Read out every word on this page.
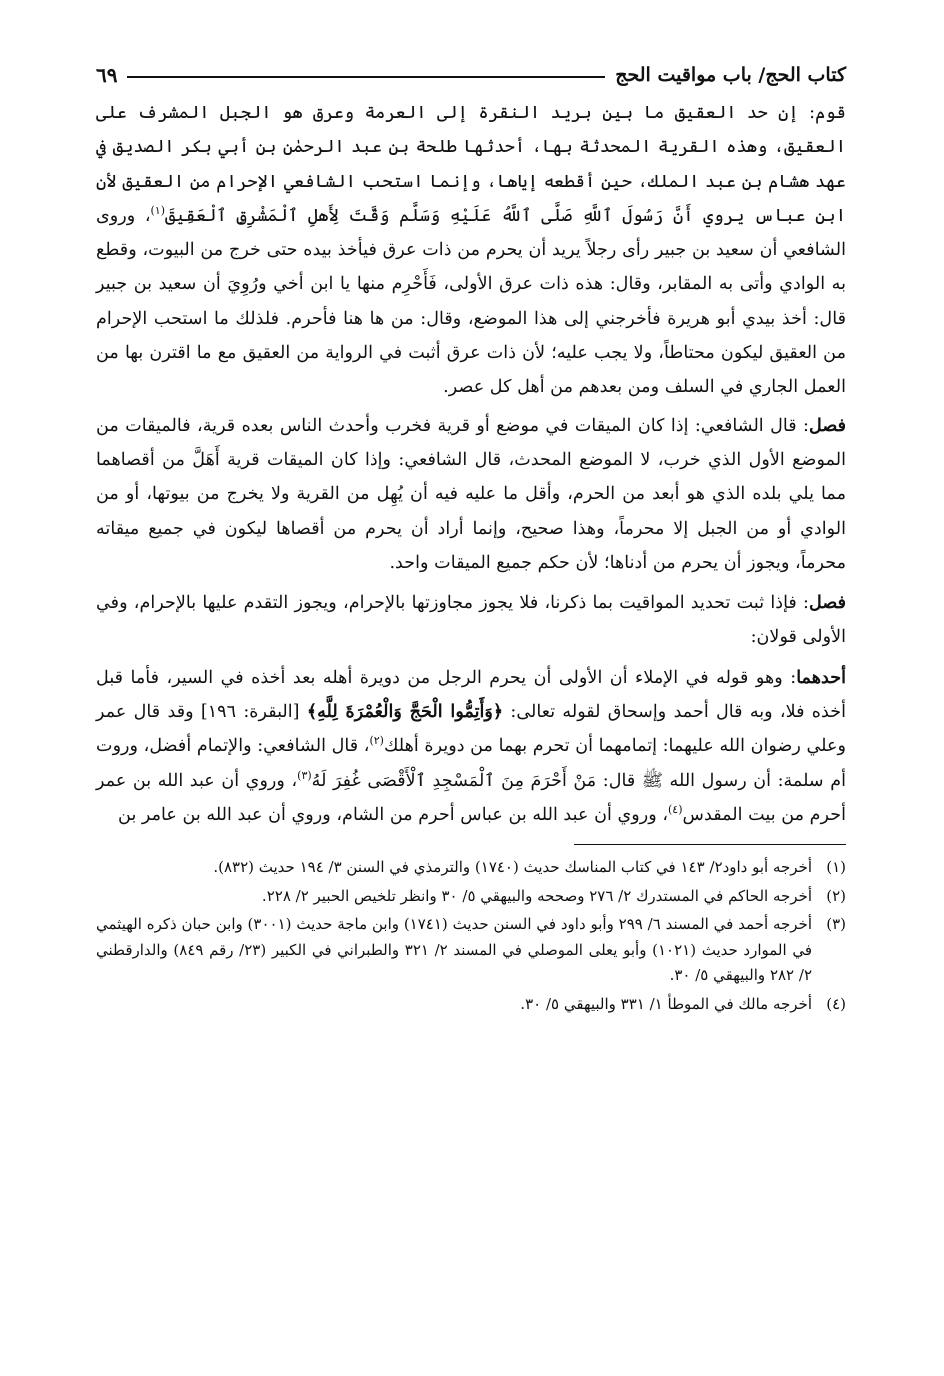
كتاب الحج/ باب مواقيت الحج
٦٩

قوم: إن حد العقيق ما بين بريد النقرة إلى العرمة وعرق هو الجبل المشرف على العقيق، وهذه القرية المحدثة بها، أحدثها طلحة بن عبد الرحمٰن بن أبي بكر الصديق في عهد هشام بن عبد الملك، حين أقطعه إياها، وإنما استحب الشافعي الإحرام من العقيق لأن ابن عباس يروي أَنَّ رَسُولَ ٱللَّهِ صَلَّى ٱللَّهُ عَلَيْهِ وَسَلَّم وَقَّتَ لِأَهلِ ٱلْمَشْرِقِ ٱلْعَقِيقَ$^{(١)}$، وروى الشافعي أن سعيد بن جبير رأى رجلاً يريد أن يحرم من ذات عرق فيأخذ بيده حتى خرج من البيوت، وقطع به الوادي وأتى به المقابر، وقال: هذه ذات عرق الأولى، فَأَحْرِم منها يا ابن أخي ورُوِيَ أن سعيد بن جبير قال: أخذ بيدي أبو هريرة فأخرجني إلى هذا الموضع، وقال: من ها هنا فأحرم. فلذلك ما استحب الإحرام من العقيق ليكون محتاطاً، ولا يجب عليه؛ لأن ذات عرق أثبت في الرواية من العقيق مع ما اقترن بها من العمل الجاري في السلف ومن بعدهم من أهل كل عصر.

فصل: قال الشافعي: إذا كان الميقات في موضع أو قرية فخرب وأحدث الناس بعده قرية، فالميقات من الموضع الأول الذي خرب، لا الموضع المحدث، قال الشافعي: وإذا كان الميقات قرية أَهَلَّ من أقصاهما مما يلي بلده الذي هو أبعد من الحرم، وأقل ما عليه فيه أن يُهِل من القرية ولا يخرج من بيوتها، أو من الوادي أو من الجبل إلا محرماً، وهذا صحيح، وإنما أراد أن يحرم من أقصاها ليكون في جميع ميقاته محرماً، ويجوز أن يحرم من أدناها؛ لأن حكم جميع الميقات واحد.

فصل: فإذا ثبت تحديد المواقيت بما ذكرنا، فلا يجوز مجاوزتها بالإحرام، ويجوز التقدم عليها بالإحرام، وفي الأولى قولان:

أحدهما: وهو قوله في الإملاء أن الأولى أن يحرم الرجل من دويرة أهله بعد أخذه في السير، فأما قبل أخذه فلا، وبه قال أحمد وإسحاق لقوله تعالى: ﴿وَأَتِمُّوا الْحَجَّ وَالْعُمْرَةَ لِلَّهِ﴾ [البقرة: ١٩٦] وقد قال عمر وعلي رضوان الله عليهما: إتمامهما أن تحرم بهما من دويرة أهلك$^{(٢)}$، قال الشافعي: والإتمام أفضل، وروت أم سلمة: أن رسول الله ﷺ قال: مَنْ أَحْرَمَ مِنَ ٱلْمَسْجِدِ ٱلْأَقْصَى غُفِرَ لَهُ$^{(٣)}$، وروي أن عبد الله بن عمر أحرم من بيت المقدس$^{(٤)}$، وروي أن عبد الله بن عباس أحرم من الشام، وروي أن عبد الله بن عامر بن

(١)
أخرجه أبو داود٢/ ١٤٣ في كتاب المناسك حديث (١٧٤٠) والترمذي في السنن ٣/ ١٩٤ حديث (٨٣٢).
(٢)
أخرجه الحاكم في المستدرك ٢/ ٢٧٦ وصححه والبيهقي ٥/ ٣٠ وانظر تلخيص الحبير ٢/ ٢٢٨.
(٣)
أخرجه أحمد في المسند ٦/ ٢٩٩ وأبو داود في السنن حديث (١٧٤١) وابن ماجة حديث (٣٠٠١) وابن حبان ذكره الهيثمي في الموارد حديث (١٠٢١) وأبو يعلى الموصلي في المسند ٢/ ٣٢١ والطبراني في الكبير (٢٣/ رقم ٨٤٩) والدارقطني ٢/ ٢٨٢ والبيهقي ٥/ ٣٠.
(٤)
أخرجه مالك في الموطأ ١/ ٣٣١ والبيهقي ٥/ ٣٠.
